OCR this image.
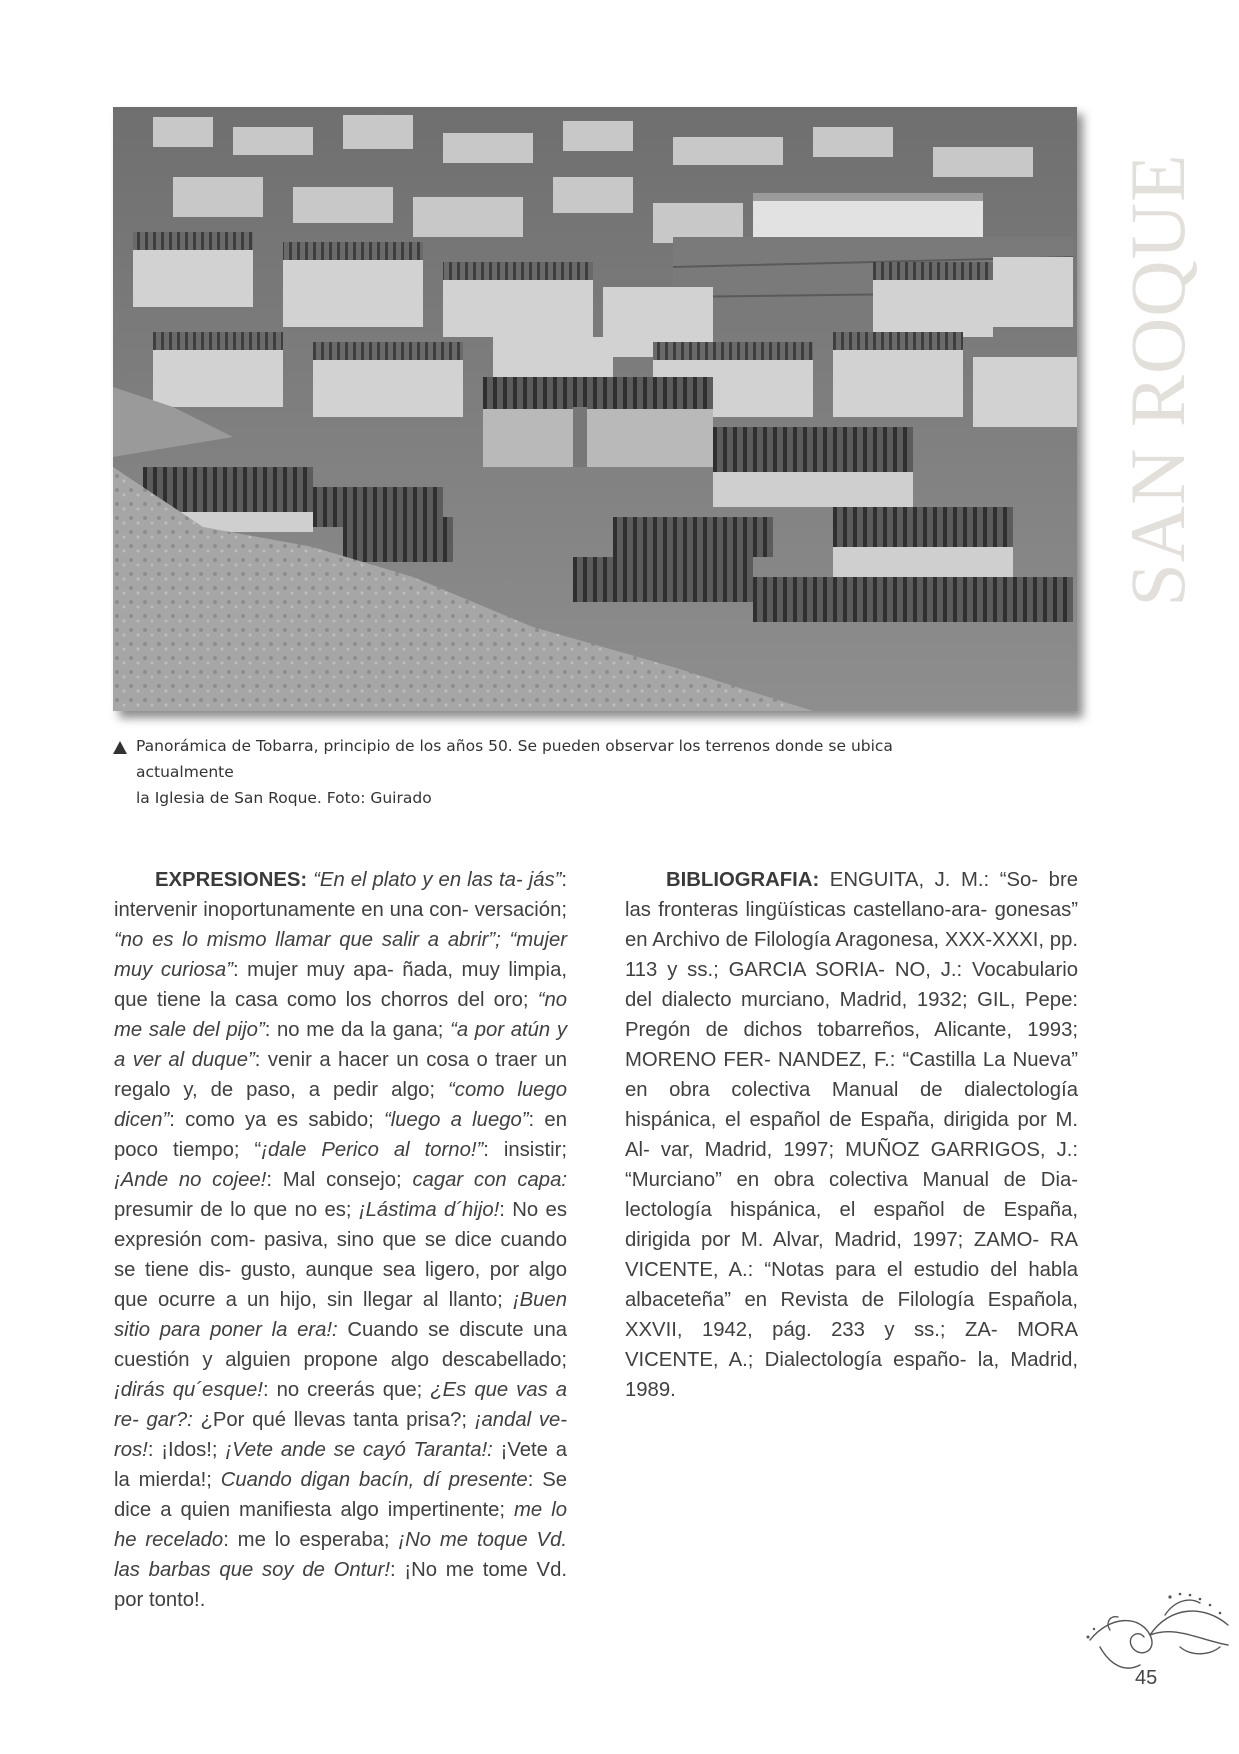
SAN ROQUE
Panorámica de Tobarra, principio de los años 50. Se pueden observar los terrenos donde se ubica actualmente
la Iglesia de San Roque. Foto: Guirado

EXPRESIONES: “En el plato y en las ta- jás”: intervenir inoportunamente en una con- versación; “no es lo mismo llamar que salir a abrir”; “mujer muy curiosa”: mujer muy apa- ñada, muy limpia, que tiene la casa como los chorros del oro; “no me sale del pijo”: no me da la gana; “a por atún y a ver al duque”: venir a hacer un cosa o traer un regalo y, de paso, a pedir algo; “como luego dicen”: como ya es sabido; “luego a luego”: en poco tiempo; “¡dale Perico al torno!”: insistir; ¡Ande no cojee!: Mal consejo; cagar con capa: presumir de lo que no es; ¡Lástima d´hijo!: No es expresión com- pasiva, sino que se dice cuando se tiene dis- gusto, aunque sea ligero, por algo que ocurre a un hijo, sin llegar al llanto; ¡Buen sitio para poner la era!: Cuando se discute una cuestión y alguien propone algo descabellado; ¡dirás qu´esque!: no creerás que; ¿Es que vas a re- gar?: ¿Por qué llevas tanta prisa?; ¡andal ve- ros!: ¡Idos!; ¡Vete ande se cayó Taranta!: ¡Vete a la mierda!; Cuando digan bacín, dí presente: Se dice a quien manifiesta algo impertinente; me lo he recelado: me lo esperaba; ¡No me toque Vd. las barbas que soy de Ontur!: ¡No me tome Vd. por tonto!.

BIBLIOGRAFIA: ENGUITA, J. M.: “So- bre las fronteras lingüísticas castellano-ara- gonesas” en Archivo de Filología Aragonesa, XXX-XXXI, pp. 113 y ss.; GARCIA SORIA- NO, J.: Vocabulario del dialecto murciano, Madrid, 1932; GIL, Pepe: Pregón de dichos tobarreños, Alicante, 1993; MORENO FER- NANDEZ, F.: “Castilla La Nueva” en obra colectiva Manual de dialectología hispánica, el español de España, dirigida por M. Al- var, Madrid, 1997; MUÑOZ GARRIGOS, J.: “Murciano” en obra colectiva Manual de Dia- lectología hispánica, el español de España, dirigida por M. Alvar, Madrid, 1997; ZAMO- RA VICENTE, A.: “Notas para el estudio del habla albaceteña” en Revista de Filología Española, XXVII, 1942, pág. 233 y ss.; ZA- MORA VICENTE, A.; Dialectología españo- la, Madrid, 1989.

45
